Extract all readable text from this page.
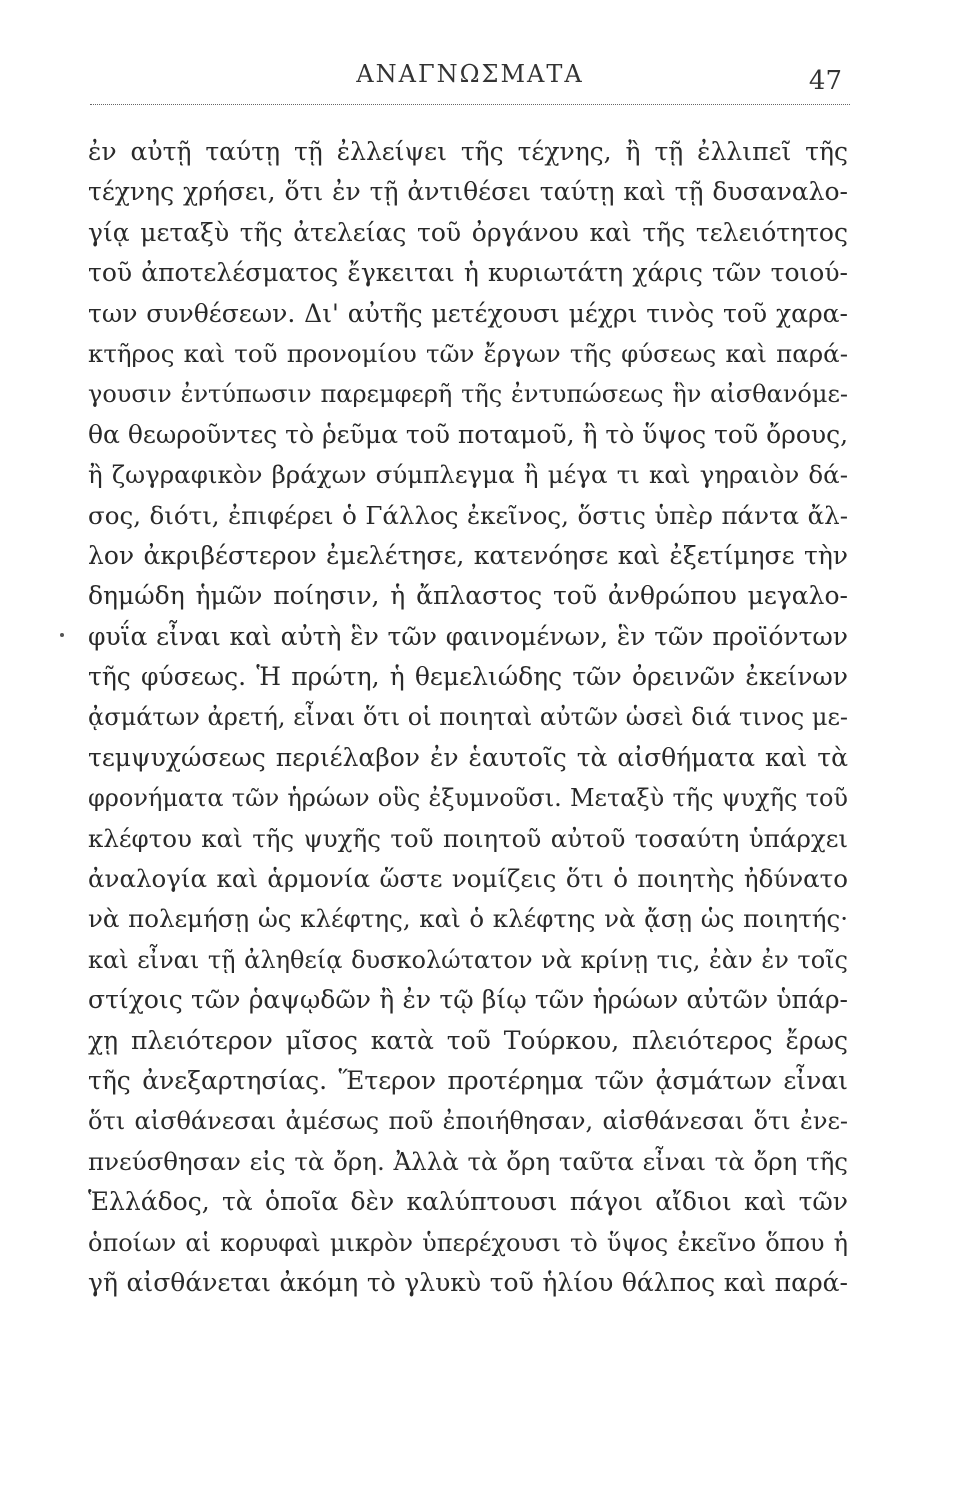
ΑΝΑΓΝΩΣΜΑΤΑ	47
ἐν αὐτῇ ταύτῃ τῇ ἐλλείψει τῆς τέχνης, ἢ τῇ ἐλλιπεῖ τῆς
τέχνης χρήσει, ὅτι ἐν τῇ ἀντιθέσει ταύτῃ καὶ τῇ δυσαναλο-
γίᾳ μεταξὺ τῆς ἀτελείας τοῦ ὀργάνου καὶ τῆς τελειότητος
τοῦ ἀποτελέσματος ἔγκειται ἡ κυριωτάτη χάρις τῶν τοιού-
των συνθέσεων. Δι' αὐτῆς μετέχουσι μέχρι τινὸς τοῦ χαρα-
κτῆρος καὶ τοῦ προνομίου τῶν ἔργων τῆς φύσεως καὶ παρά-
γουσιν ἐντύπωσιν παρεμφερῆ τῆς ἐντυπώσεως ἣν αἰσθανόμε-
θα θεωροῦντες τὸ ῥεῦμα τοῦ ποταμοῦ, ἢ τὸ ὕψος τοῦ ὄρους,
ἢ ζωγραφικὸν βράχων σύμπλεγμα ἢ μέγα τι καὶ γηραιὸν δά-
σος, διότι, ἐπιφέρει ὁ Γάλλος ἐκεῖνος, ὅστις ὑπὲρ πάντα ἄλ-
λον ἀκριβέστερον ἐμελέτησε, κατενόησε καὶ ἐξετίμησε τὴν
δημώδη ἡμῶν ποίησιν, ἡ ἄπλαστος τοῦ ἀνθρώπου μεγαλο-
φυΐα εἶναι καὶ αὐτὴ ἓν τῶν φαινομένων, ἓν τῶν προϊόντων
τῆς φύσεως. Ἡ πρώτη, ἡ θεμελιώδης τῶν ὀρεινῶν ἐκείνων
ᾀσμάτων ἀρετή, εἶναι ὅτι οἱ ποιηταὶ αὐτῶν ὡσεὶ διά τινος με-
τεμψυχώσεως περιέλαβον ἐν ἑαυτοῖς τὰ αἰσθήματα καὶ τὰ
φρονήματα τῶν ἡρώων οὓς ἐξυμνοῦσι. Μεταξὺ τῆς ψυχῆς τοῦ
κλέφτου καὶ τῆς ψυχῆς τοῦ ποιητοῦ αὐτοῦ τοσαύτη ὑπάρχει
ἀναλογία καὶ ἁρμονία ὥστε νομίζεις ὅτι ὁ ποιητὴς ἠδύνατο
νὰ πολεμήσῃ ὡς κλέφτης, καὶ ὁ κλέφτης νὰ ᾄσῃ ὡς ποιητής·
καὶ εἶναι τῇ ἀληθείᾳ δυσκολώτατον νὰ κρίνῃ τις, ἐὰν ἐν τοῖς
στίχοις τῶν ῥαψῳδῶν ἢ ἐν τῷ βίῳ τῶν ἡρώων αὐτῶν ὑπάρ-
χῃ πλειότερον μῖσος κατὰ τοῦ Τούρκου, πλειότερος ἔρως
τῆς ἀνεξαρτησίας. Ἕτερον προτέρημα τῶν ᾀσμάτων εἶναι
ὅτι αἰσθάνεσαι ἀμέσως ποῦ ἐποιήθησαν, αἰσθάνεσαι ὅτι ἐνε-
πνεύσθησαν εἰς τὰ ὄρη. Ἀλλὰ τὰ ὄρη ταῦτα εἶναι τὰ ὄρη τῆς
Ἑλλάδος, τὰ ὁποῖα δὲν καλύπτουσι πάγοι αἴδιοι καὶ τῶν
ὁποίων αἱ κορυφαὶ μικρὸν ὑπερέχουσι τὸ ὕψος ἐκεῖνο ὅπου ἡ
γῆ αἰσθάνεται ἀκόμη τὸ γλυκὺ τοῦ ἡλίου θάλπος καὶ παρά-
